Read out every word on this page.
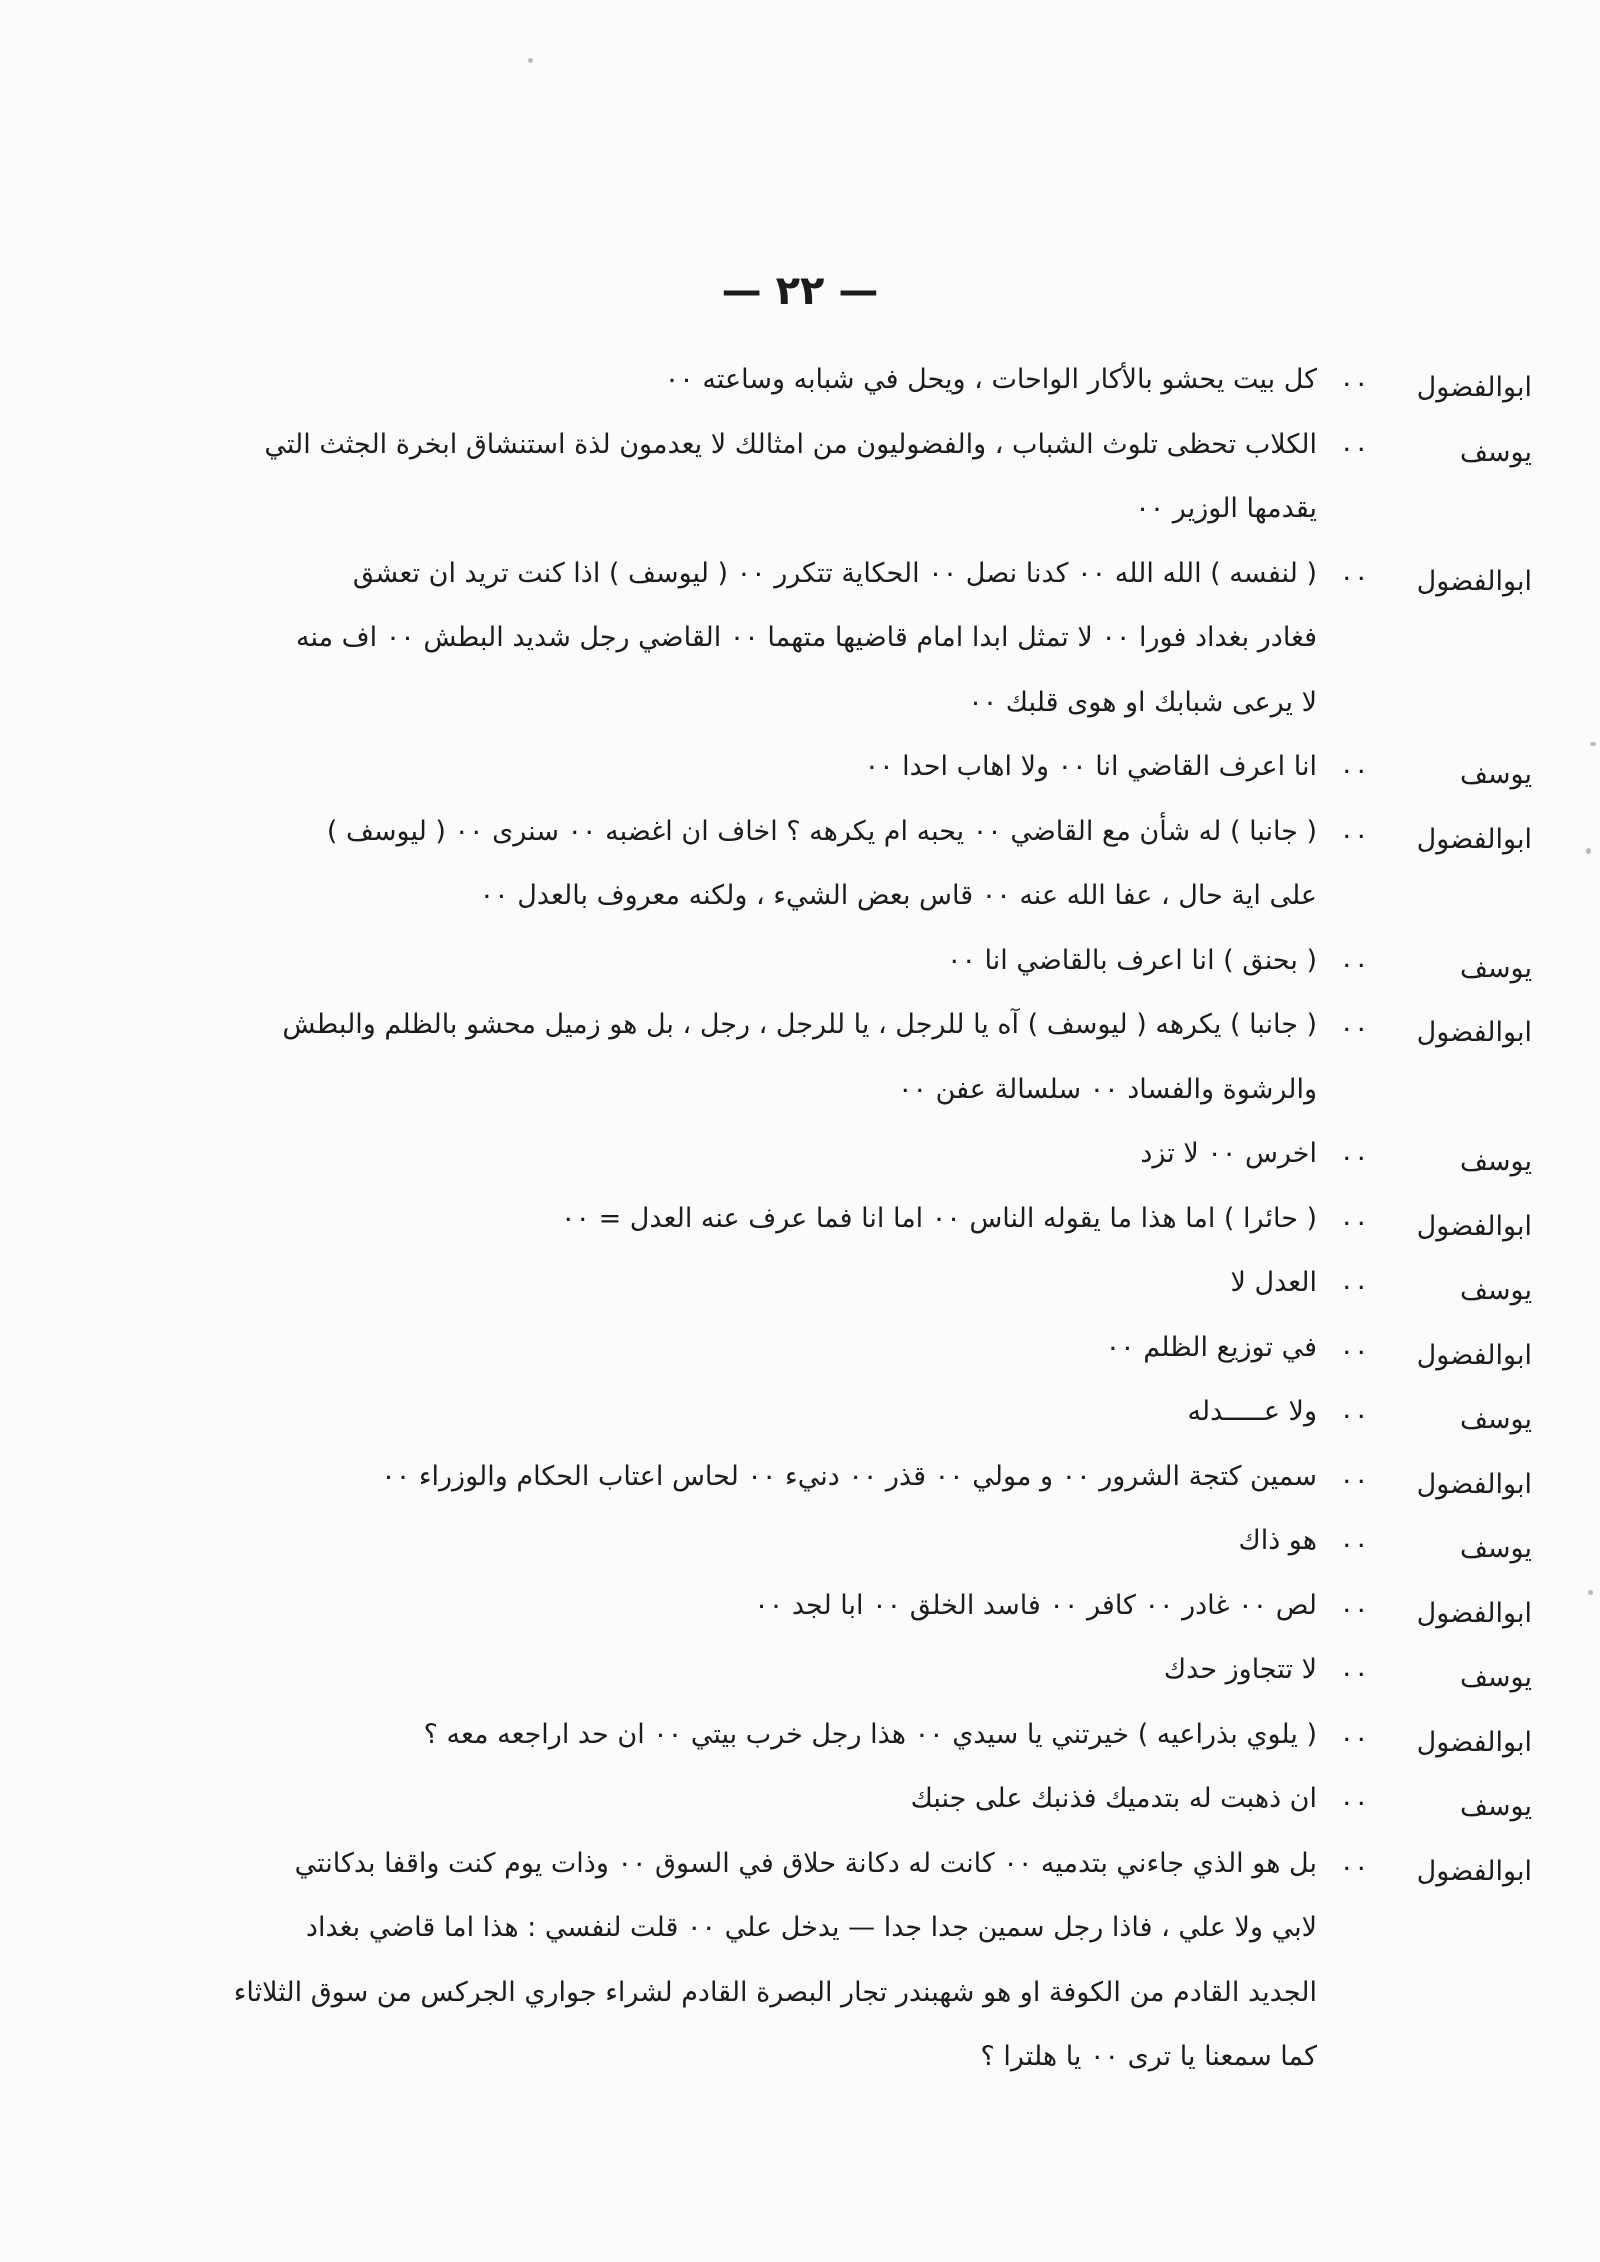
— ٢٢ —
ابوالفضول
٠٠
كل بيت يحشو بالأكار الواحات ، ويحل في شبابه وساعته ٠٠
يوسف
٠٠
الكلاب تحظى تلوث الشباب ، والفضوليون من امثالك لا يعدمون لذة استنشاق ابخرة الجثث التي
يقدمها الوزير ٠٠
ابوالفضول
٠٠
( لنفسه ) الله الله ٠٠ كدنا نصل ٠٠ الحكاية تتكرر ٠٠ ( ليوسف ) اذا كنت تريد ان تعشق
فغادر بغداد فورا ٠٠ لا تمثل ابدا امام قاضيها متهما ٠٠ القاضي رجل شديد البطش ٠٠ اف منه
لا يرعى شبابك او هوى قلبك ٠٠
يوسف
٠٠
انا اعرف القاضي انا ٠٠ ولا اهاب احدا ٠٠
ابوالفضول
٠٠
( جانبا ) له شأن مع القاضي ٠٠ يحبه ام يكرهه ؟ اخاف ان اغضبه ٠٠ سنرى ٠٠ ( ليوسف )
على اية حال ، عفا الله عنه ٠٠ قاس بعض الشيء ، ولكنه معروف بالعدل ٠٠
يوسف
٠٠
( بحنق ) انا اعرف بالقاضي انا ٠٠
ابوالفضول
٠٠
( جانبا ) يكرهه ( ليوسف ) آه يا للرجل ، يا للرجل ، رجل ، بل هو زميل محشو بالظلم والبطش
والرشوة والفساد ٠٠ سلسالة عفن ٠٠
يوسف
٠٠
اخرس ٠٠ لا تزد
ابوالفضول
٠٠
( حائرا ) اما هذا ما يقوله الناس ٠٠ اما انا فما عرف عنه العدل = ٠٠
يوسف
٠٠
العدل لا
ابوالفضول
٠٠
في توزيع الظلم ٠٠
يوسف
٠٠
ولا عـــــدله
ابوالفضول
٠٠
سمين كتجة الشرور ٠٠ و مولي ٠٠ قذر ٠٠ دنيء ٠٠ لحاس اعتاب الحكام والوزراء ٠٠
يوسف
٠٠
هو ذاك
ابوالفضول
٠٠
لص ٠٠ غادر ٠٠ كافر ٠٠ فاسد الخلق ٠٠ ابا لجد ٠٠
يوسف
٠٠
لا تتجاوز حدك
ابوالفضول
٠٠
( يلوي بذراعيه ) خيرتني يا سيدي ٠٠ هذا رجل خرب بيتي ٠٠ ان حد اراجعه معه ؟
يوسف
٠٠
ان ذهبت له بتدميك فذنبك على جنبك
ابوالفضول
٠٠
بل هو الذي جاءني بتدميه ٠٠ كانت له دكانة حلاق في السوق ٠٠ وذات يوم كنت واقفا بدكانتي
لابي ولا علي ، فاذا رجل سمين جدا جدا — يدخل علي ٠٠ قلت لنفسي : هذا اما قاضي بغداد
الجديد القادم من الكوفة او هو شهبندر تجار البصرة القادم لشراء جواري الجركس من سوق الثلاثاء
كما سمعنا يا ترى ٠٠ يا هلترا ؟
